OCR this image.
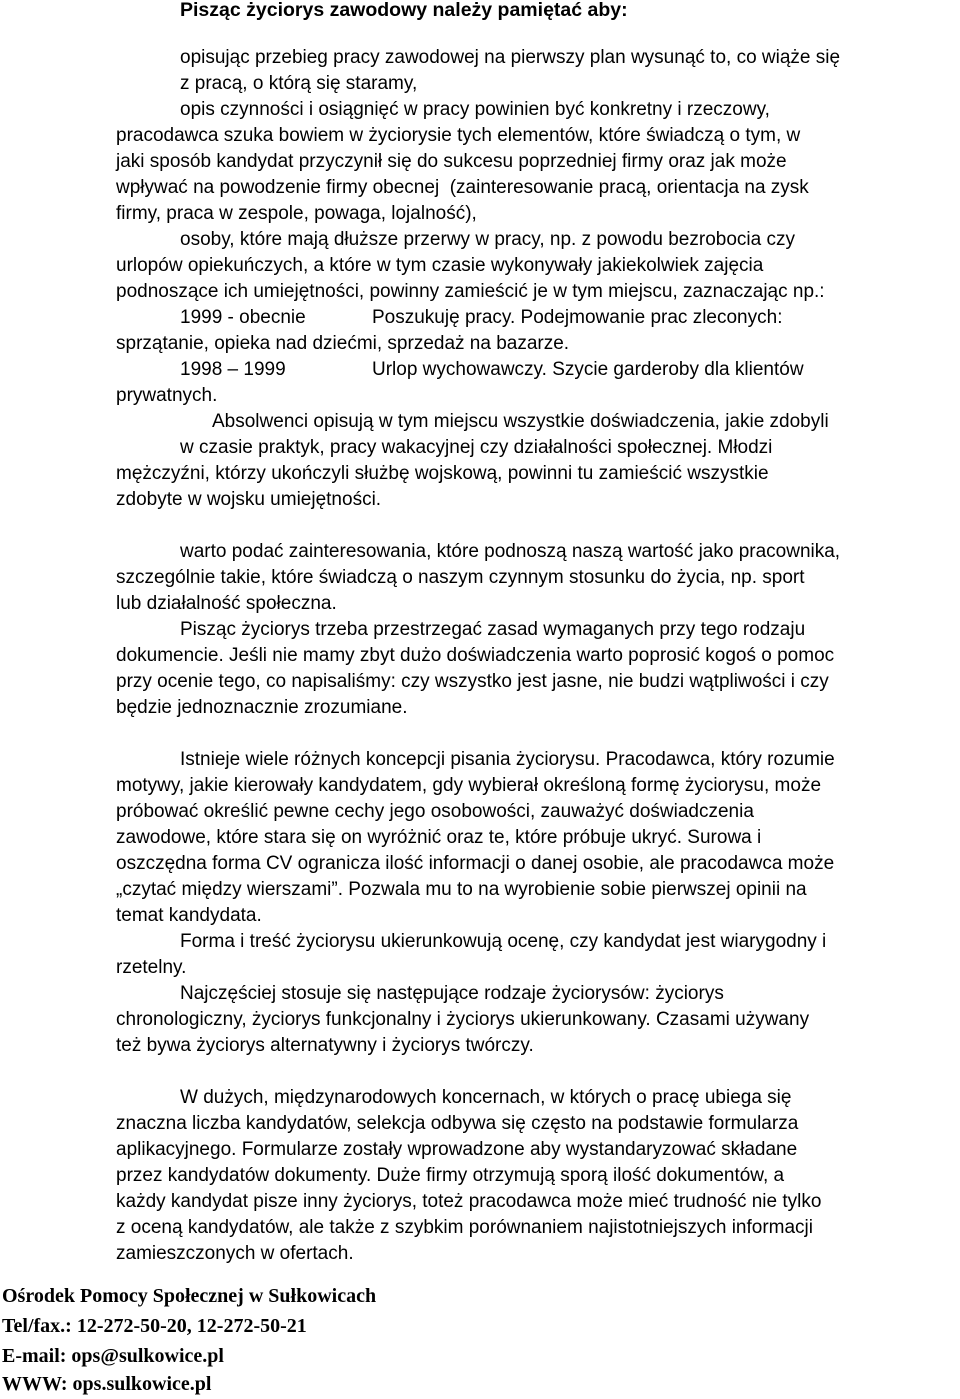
Pisząc życiorys zawodowy należy pamiętać aby:
opisując przebieg pracy zawodowej na pierwszy plan wysunąć to, co wiąże się
z pracą, o którą się staramy,
opis czynności i osiągnięć w pracy powinien być konkretny i rzeczowy,
pracodawca szuka bowiem w życiorysie tych elementów, które świadczą o tym, w
jaki sposób kandydat przyczynił się do sukcesu poprzedniej firmy oraz jak może
wpływać na powodzenie firmy obecnej  (zainteresowanie pracą, orientacja na zysk
firmy, praca w zespole, powaga, lojalność),
osoby, które mają dłuższe przerwy w pracy, np. z powodu bezrobocia czy
urlopów opiekuńczych, a które w tym czasie wykonywały jakiekolwiek zajęcia
podnoszące ich umiejętności, powinny zamieścić je w tym miejscu, zaznaczając np.:
1999 - obecnie	Poszukuję pracy. Podejmowanie prac zleconych:
sprzątanie, opieka nad dziećmi, sprzedaż na bazarze.
1998 – 1999	Urlop wychowawczy. Szycie garderoby dla klientów
prywatnych.
Absolwenci opisują w tym miejscu wszystkie doświadczenia, jakie zdobyli
w czasie praktyk, pracy wakacyjnej czy działalności społecznej. Młodzi
mężczyźni, którzy ukończyli służbę wojskową, powinni tu zamieścić wszystkie
zdobyte w wojsku umiejętności.
warto podać zainteresowania, które podnoszą naszą wartość jako pracownika,
szczególnie takie, które świadczą o naszym czynnym stosunku do życia, np. sport
lub działalność społeczna.
Pisząc życiorys trzeba przestrzegać zasad wymaganych przy tego rodzaju
dokumencie. Jeśli nie mamy zbyt dużo doświadczenia warto poprosić kogoś o pomoc
przy ocenie tego, co napisaliśmy: czy wszystko jest jasne, nie budzi wątpliwości i czy
będzie jednoznacznie zrozumiane.
Istnieje wiele różnych koncepcji pisania życiorysu. Pracodawca, który rozumie
motywy, jakie kierowały kandydatem, gdy wybierał określoną formę życiorysu, może
próbować określić pewne cechy jego osobowości, zauważyć doświadczenia
zawodowe, które stara się on wyróżnić oraz te, które próbuje ukryć. Surowa i
oszczędna forma CV ogranicza ilość informacji o danej osobie, ale pracodawca może
„czytać między wierszami”. Pozwala mu to na wyrobienie sobie pierwszej opinii na
temat kandydata.
Forma i treść życiorysu ukierunkowują ocenę, czy kandydat jest wiarygodny i
rzetelny.
Najczęściej stosuje się następujące rodzaje życiorysów: życiorys
chronologiczny, życiorys funkcjonalny i życiorys ukierunkowany. Czasami używany
też bywa życiorys alternatywny i życiorys twórczy.
W dużych, międzynarodowych koncernach, w których o pracę ubiega się
znaczna liczba kandydatów, selekcja odbywa się często na podstawie formularza
aplikacyjnego. Formularze zostały wprowadzone aby wystandaryzować składane
przez kandydatów dokumenty. Duże firmy otrzymują sporą ilość dokumentów, a
każdy kandydat pisze inny życiorys, toteż pracodawca może mieć trudność nie tylko
z oceną kandydatów, ale także z szybkim porównaniem najistotniejszych informacji
zamieszczonych w ofertach.
Ośrodek Pomocy Społecznej w Sułkowicach
Tel/fax.: 12-272-50-20, 12-272-50-21
E-mail: ops@sulkowice.pl
WWW: ops.sulkowice.pl
